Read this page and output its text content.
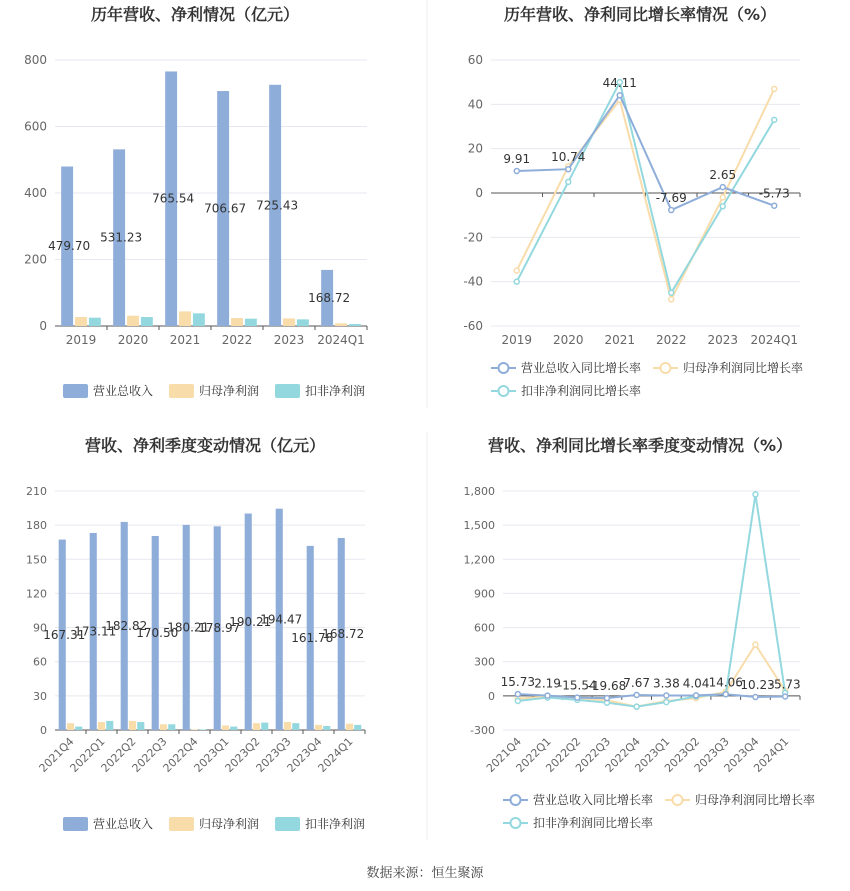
历年营收、净利情况（亿元）
0
200
400
600
800
2019 2020 2021 2022 2023 2024Q1
479.70
531.23
765.54
706.67 725.43
168.72
营业总收入	归母净利润	扣非净利润
历年营收、净利同比增长率情况（%）
-60
-40
-20
0
20
40
60
2019 2020 2021 2022 2023 2024Q1
9.91 10.74
44.11
-7.69
2.65
-5.73
营业总收入同比增长率	归母净利润同比增长率
扣非净利润同比增长率
营收、净利季度变动情况（亿元）
0
30
60
90
120
150
180
210
2021Q4
2022Q1
2022Q2
2022Q3
2022Q4
2023Q1
2023Q2
2023Q3
2023Q4
2024Q1
167.31
173.11
182.82
170.50
180.21
178.97
190.21
194.47
161.78
168.72
营业总收入	归母净利润	扣非净利润
营收、净利同比增长率季度变动情况（%）
-300
0
300
600
900
1,200
1,500
1,800
2021Q4
2022Q1
2022Q2
2022Q3
2022Q4
2023Q1
2023Q2
2023Q3
2023Q4
2024Q1
15.73 2.19
-15.54
-19.68
7.67 3.38 4.04 14.06
-10.23
-5.73
营业总收入同比增长率	归母净利润同比增长率
扣非净利润同比增长率
数据来源：恒生聚源
